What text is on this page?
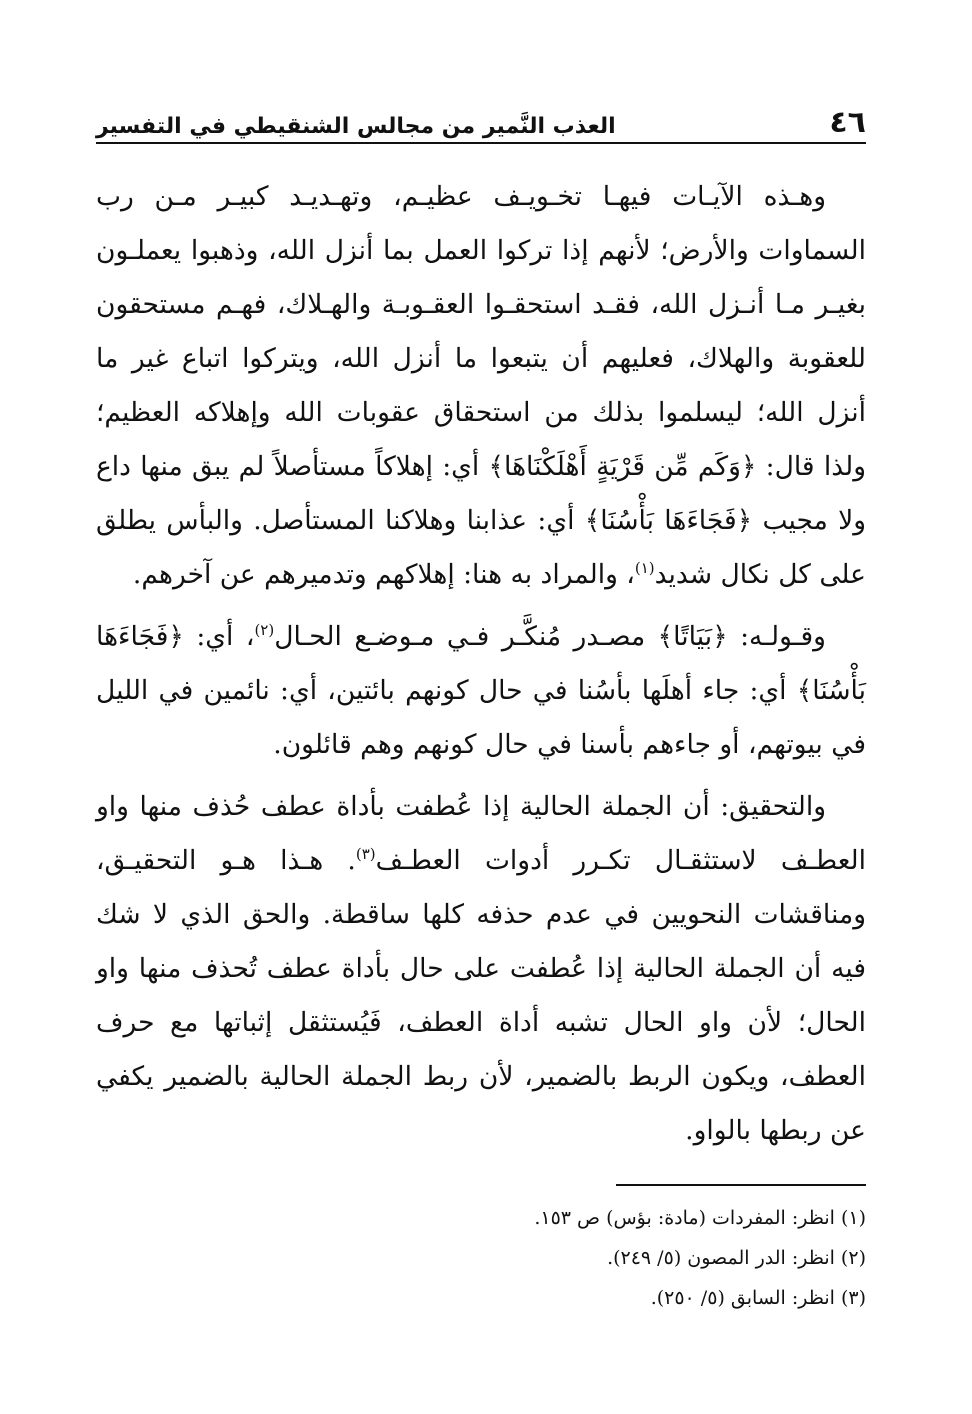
٤٦
العذب النَّمير من مجالس الشنقيطي في التفسير

وهـذه الآيـات فيهـا تخـويـف عظيـم، وتهـديـد كبيـر مـن رب السماوات والأرض؛ لأنهم إذا تركوا العمل بما أنزل الله، وذهبوا يعملـون بغيـر مـا أنـزل الله، فقـد استحقـوا العقـوبـة والهـلاك، فهـم مستحقون للعقوبة والهلاك، فعليهم أن يتبعوا ما أنزل الله، ويتركوا اتباع غير ما أنزل الله؛ ليسلموا بذلك من استحقاق عقوبات الله وإهلاكه العظيم؛ ولذا قال: ﴿وَكَم مِّن قَرْيَةٍ أَهْلَكْنَاهَا﴾ أي: إهلاكاً مستأصلاً لم يبق منها داع ولا مجيب ﴿فَجَاءَهَا بَأْسُنَا﴾ أي: عذابنا وهلاكنا المستأصل. والبأس يطلق على كل نكال شديد$^{(١)}$، والمراد به هنا: إهلاكهم وتدميرهم عن آخرهم.

وقـولـه: ﴿بَيَاتًا﴾ مصـدر مُنكَّـر فـي مـوضـع الحـال$^{(٢)}$، أي: ﴿فَجَاءَهَا بَأْسُنَا﴾ أي: جاء أهلَها بأسُنا في حال كونهم بائتين، أي: نائمين في الليل في بيوتهم، أو جاءهم بأسنا في حال كونهم وهم قائلون.

والتحقيق: أن الجملة الحالية إذا عُطفت بأداة عطف حُذف منها واو العطـف لاستثقـال تكـرر أدوات العطـف$^{(٣)}$. هـذا هـو التحقيـق، ومناقشات النحويين في عدم حذفه كلها ساقطة. والحق الذي لا شك فيه أن الجملة الحالية إذا عُطفت على حال بأداة عطف تُحذف منها واو الحال؛ لأن واو الحال تشبه أداة العطف، فَيُستثقل إثباتها مع حرف العطف، ويكون الربط بالضمير، لأن ربط الجملة الحالية بالضمير يكفي عن ربطها بالواو.

(١) انظر: المفردات (مادة: بؤس) ص ١٥٣.
(٢) انظر: الدر المصون (٥/ ٢٤٩).
(٣) انظر: السابق (٥/ ٢٥٠).
